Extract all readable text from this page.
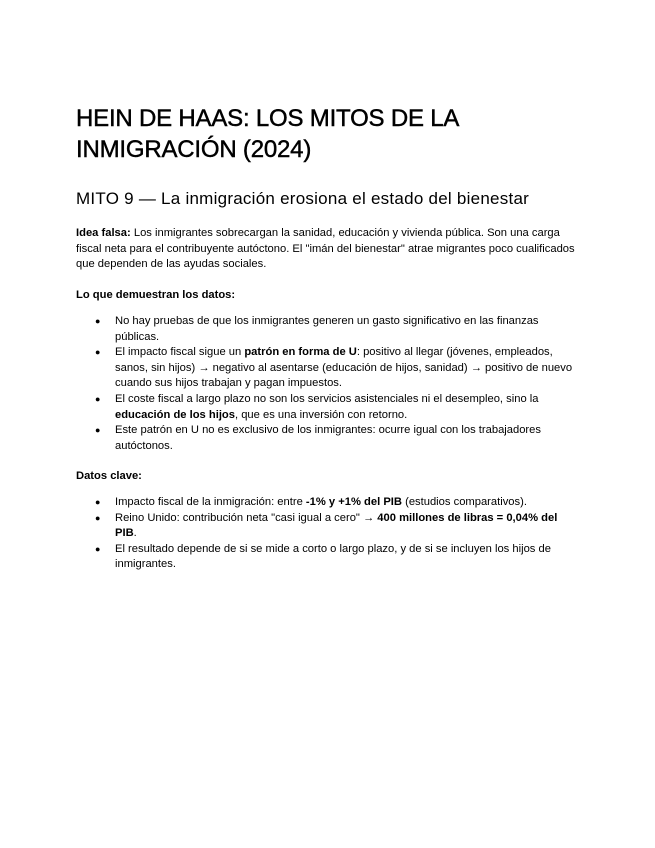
HEIN DE HAAS: LOS MITOS DE LA
INMIGRACIÓN (2024)
MITO 9 — La inmigración erosiona el estado del bienestar

Idea falsa: Los inmigrantes sobrecargan la sanidad, educación y vivienda pública. Son una carga fiscal neta para el contribuyente autóctono. El "imán del bienestar" atrae migrantes poco cualificados que dependen de las ayudas sociales.

Lo que demuestran los datos:

● No hay pruebas de que los inmigrantes generen un gasto significativo en las finanzas públicas.
● El impacto fiscal sigue un patrón en forma de U: positivo al llegar (jóvenes, empleados, sanos, sin hijos) → negativo al asentarse (educación de hijos, sanidad) → positivo de nuevo cuando sus hijos trabajan y pagan impuestos.
● El coste fiscal a largo plazo no son los servicios asistenciales ni el desempleo, sino la educación de los hijos, que es una inversión con retorno.
● Este patrón en U no es exclusivo de los inmigrantes: ocurre igual con los trabajadores autóctonos.

Datos clave:

● Impacto fiscal de la inmigración: entre -1% y +1% del PIB (estudios comparativos).
● Reino Unido: contribución neta "casi igual a cero" → 400 millones de libras = 0,04% del PIB.
● El resultado depende de si se mide a corto o largo plazo, y de si se incluyen los hijos de inmigrantes.
